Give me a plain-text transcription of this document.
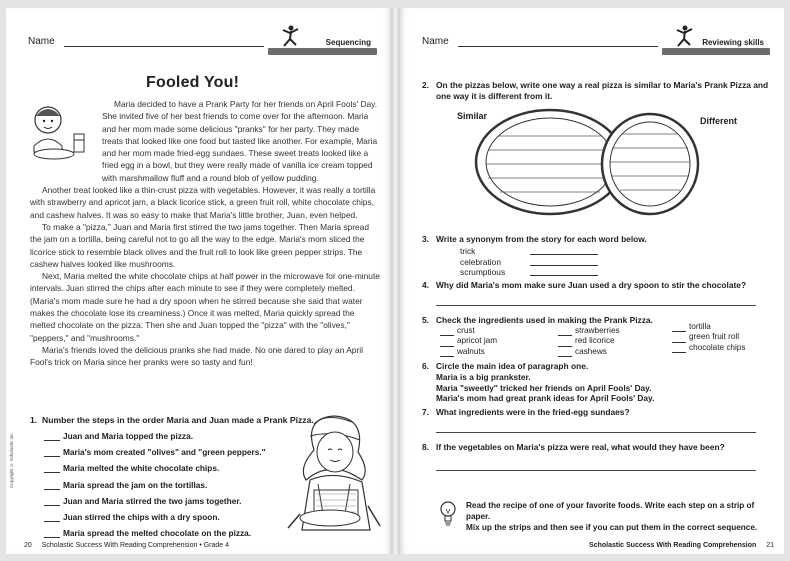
Name	Sequencing
Fooled You!

Maria decided to have a Prank Party for her friends on April Fools' Day. She invited five of her best friends to come over for the afternoon. Maria and her mom made some delicious "pranks" for her party. They made treats that looked like one food but tasted like another. For example, Maria and her mom made fried-egg sundaes. These sweet treats looked like a fried egg in a bowl, but they were really made of vanilla ice cream topped with marshmallow fluff and a round blob of yellow pudding.

Another treat looked like a thin-crust pizza with vegetables. However, it was really a tortilla with strawberry and apricot jam, a black licorice stick, a green fruit roll, white chocolate chips, and cashew halves. It was so easy to make that Maria's little brother, Juan, even helped.

To make a "pizza," Juan and Maria first stirred the two jams together. Then Maria spread the jam on a tortilla, being careful not to go all the way to the edge. Maria's mom sliced the licorice stick to resemble black olives and the fruit roll to look like green pepper strips. The cashew halves looked like mushrooms.

Next, Maria melted the white chocolate chips at half power in the microwave for one-minute intervals. Juan stirred the chips after each minute to see if they were completely melted. (Maria's mom made sure he had a dry spoon when he stirred because she said that water makes the chocolate lose its creaminess.) Once it was melted, Maria quickly spread the melted chocolate on the pizza. Then she and Juan topped the "pizza" with the "olives," "peppers," and "mushrooms."

Maria's friends loved the delicious pranks she had made. No one dared to play an April Fool's trick on Maria since her pranks were so tasty and fun!

1. Number the steps in the order Maria and Juan made a Prank Pizza.
Juan and Maria topped the pizza.
Maria's mom created "olives" and "green peppers."
Maria melted the white chocolate chips.
Maria spread the jam on the tortillas.
Juan and Maria stirred the two jams together.
Juan stirred the chips with a dry spoon.
Maria spread the melted chocolate on the pizza.
Copyright © Scholastic Inc.
20 Scholastic Success With Reading Comprehension • Grade 4
Name	Reviewing skills
2. On the pizzas below, write one way a real pizza is similar to Maria's Prank Pizza and
one way it is different from it.
Similar	Different
3. Write a synonym from the story for each word below.
trick
celebration
scrumptious
4. Why did Maria's mom make sure Juan used a dry spoon to stir the chocolate?
5. Check the ingredients used in making the Prank Pizza.
crust
apricot jam
walnuts
strawberries
red licorice
cashews
tortilla
green fruit roll
chocolate chips
6. Circle the main idea of paragraph one.
Maria is a big prankster.
Maria "sweetly" tricked her friends on April Fools' Day.
Maria's mom had great prank ideas for April Fools' Day.
7. What ingredients were in the fried-egg sundaes?
8. If the vegetables on Maria's pizza were real, what would they have been?
Read the recipe of one of your favorite foods. Write each step on a strip of paper.
Mix up the strips and then see if you can put them in the correct sequence.
Scholastic Success With Reading Comprehension 21
